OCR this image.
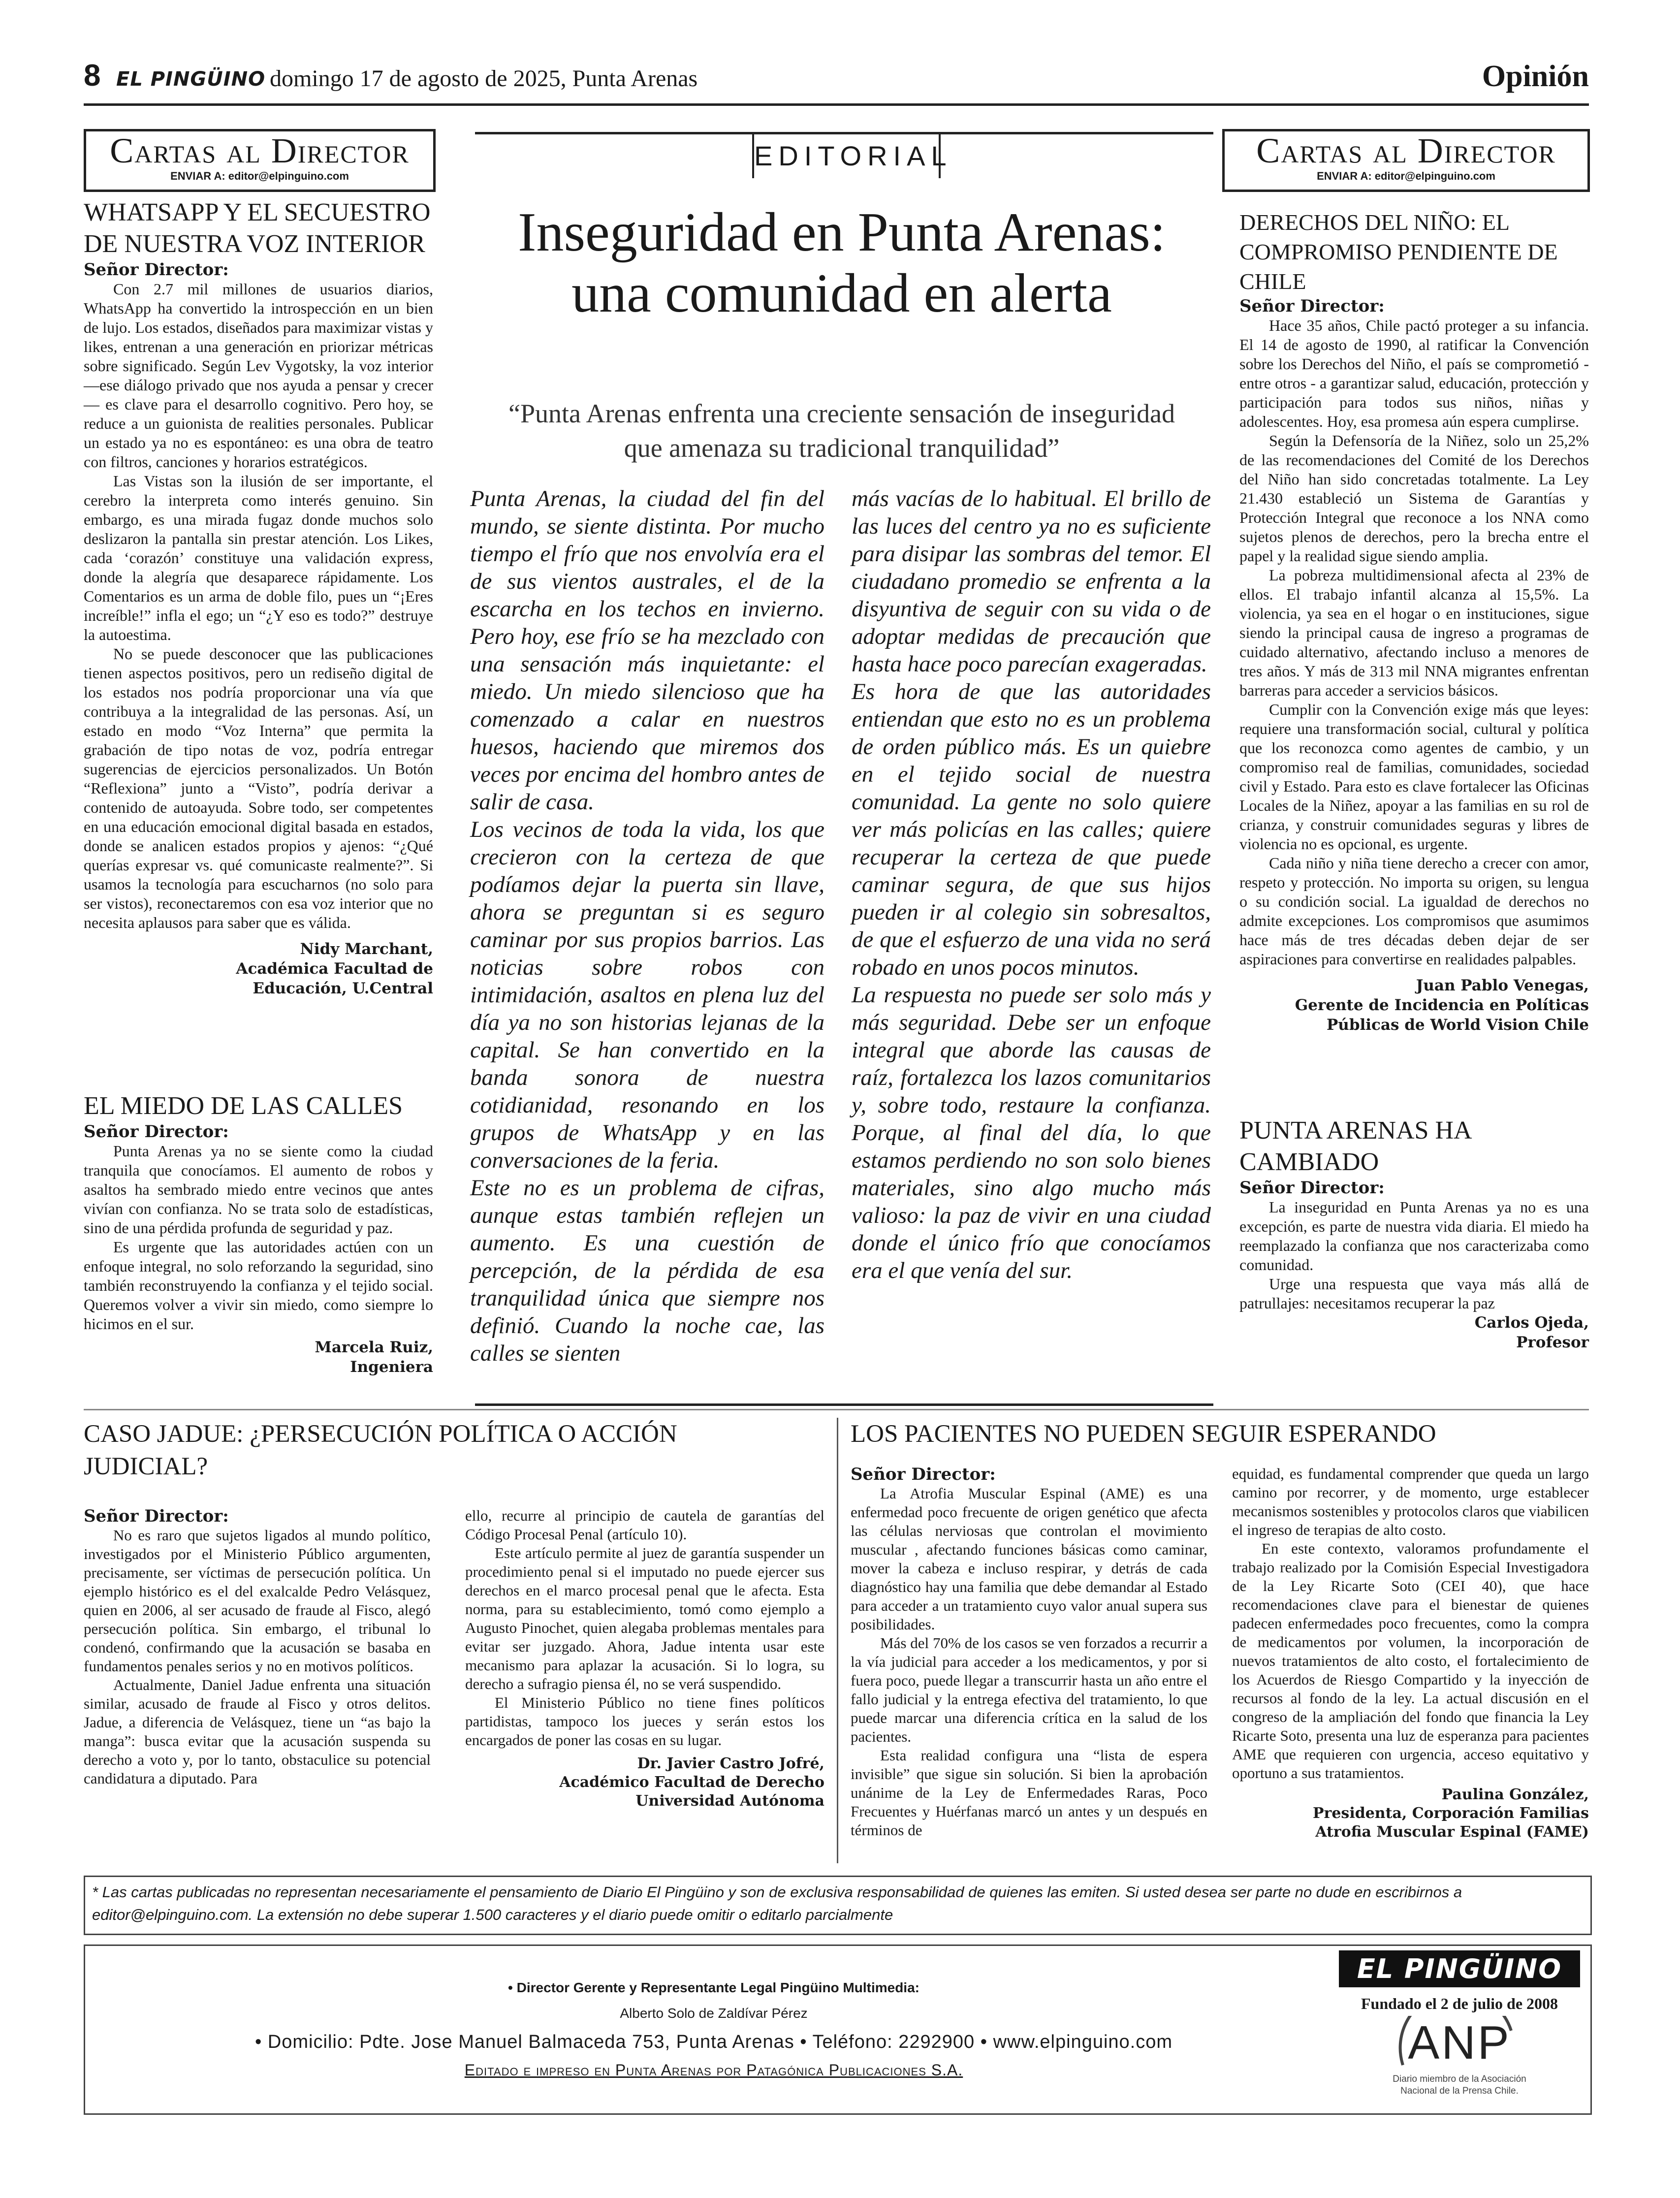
8 EL PINGÜINO domingo 17 de agosto de 2025, Punta Arenas	Opinión
Cartas al Director
ENVIAR A: editor@elpinguino.com
WHATSAPP Y EL SECUESTRO DE NUESTRA VOZ INTERIOR
Señor Director:

Con 2.7 mil millones de usuarios diarios, WhatsApp ha convertido la introspección en un bien de lujo. Los estados, diseñados para maximizar vistas y likes, entrenan a una generación en priorizar métricas sobre significado. Según Lev Vygotsky, la voz interior —ese diálogo privado que nos ayuda a pensar y crecer— es clave para el desarrollo cognitivo. Pero hoy, se reduce a un guionista de realities personales. Publicar un estado ya no es espontáneo: es una obra de teatro con filtros, canciones y horarios estratégicos.

Las Vistas son la ilusión de ser importante, el cerebro la interpreta como interés genuino. Sin embargo, es una mirada fugaz donde muchos solo deslizaron la pantalla sin prestar atención. Los Likes, cada ‘corazón’ constituye una validación express, donde la alegría que desaparece rápidamente. Los Comentarios es un arma de doble filo, pues un “¡Eres increíble!” infla el ego; un “¿Y eso es todo?” destruye la autoestima.

No se puede desconocer que las publicaciones tienen aspectos positivos, pero un rediseño digital de los estados nos podría proporcionar una vía que contribuya a la integralidad de las personas. Así, un estado en modo “Voz Interna” que permita la grabación de tipo notas de voz, podría entregar sugerencias de ejercicios personalizados. Un Botón “Reflexiona” junto a “Visto”, podría derivar a contenido de autoayuda. Sobre todo, ser competentes en una educación emocional digital basada en estados, donde se analicen estados propios y ajenos: “¿Qué querías expresar vs. qué comunicaste realmente?”. Si usamos la tecnología para escucharnos (no solo para ser vistos), reconectaremos con esa voz interior que no necesita aplausos para saber que es válida.

Nidy Marchant,
Académica Facultad de
Educación, U.Central
EL MIEDO DE LAS CALLES
Señor Director:

Punta Arenas ya no se siente como la ciudad tranquila que conocíamos. El aumento de robos y asaltos ha sembrado miedo entre vecinos que antes vivían con confianza. No se trata solo de estadísticas, sino de una pérdida profunda de seguridad y paz.

Es urgente que las autoridades actúen con un enfoque integral, no solo reforzando la seguridad, sino también reconstruyendo la confianza y el tejido social. Queremos volver a vivir sin miedo, como siempre lo hicimos en el sur.

Marcela Ruiz,
Ingeniera
EDITORIAL
Inseguridad en Punta Arenas: una comunidad en alerta
“Punta Arenas enfrenta una creciente sensación de inseguridad que amenaza su tradicional tranquilidad”

Punta Arenas, la ciudad del fin del mundo, se siente distinta. Por mucho tiempo el frío que nos envolvía era el de sus vientos australes, el de la escarcha en los techos en invierno. Pero hoy, ese frío se ha mezclado con una sensación más inquietante: el miedo. Un miedo silencioso que ha comenzado a calar en nuestros huesos, haciendo que miremos dos veces por encima del hombro antes de salir de casa.

Los vecinos de toda la vida, los que crecieron con la certeza de que podíamos dejar la puerta sin llave, ahora se preguntan si es seguro caminar por sus propios barrios. Las noticias sobre robos con intimidación, asaltos en plena luz del día ya no son historias lejanas de la capital. Se han convertido en la banda sonora de nuestra cotidianidad, resonando en los grupos de WhatsApp y en las conversaciones de la feria.

Este no es un problema de cifras, aunque estas también reflejen un aumento. Es una cuestión de percepción, de la pérdida de esa tranquilidad única que siempre nos definió. Cuando la noche cae, las calles se sienten

más vacías de lo habitual. El brillo de las luces del centro ya no es suficiente para disipar las sombras del temor. El ciudadano promedio se enfrenta a la disyuntiva de seguir con su vida o de adoptar medidas de precaución que hasta hace poco parecían exageradas.

Es hora de que las autoridades entiendan que esto no es un problema de orden público más. Es un quiebre en el tejido social de nuestra comunidad. La gente no solo quiere ver más policías en las calles; quiere recuperar la certeza de que puede caminar segura, de que sus hijos pueden ir al colegio sin sobresaltos, de que el esfuerzo de una vida no será robado en unos pocos minutos.

La respuesta no puede ser solo más y más seguridad. Debe ser un enfoque integral que aborde las causas de raíz, fortalezca los lazos comunitarios y, sobre todo, restaure la confianza. Porque, al final del día, lo que estamos perdiendo no son solo bienes materiales, sino algo mucho más valioso: la paz de vivir en una ciudad donde el único frío que conocíamos era el que venía del sur.

Cartas al Director
ENVIAR A: editor@elpinguino.com
DERECHOS DEL NIÑO: EL COMPROMISO PENDIENTE DE CHILE
Señor Director:

Hace 35 años, Chile pactó proteger a su infancia. El 14 de agosto de 1990, al ratificar la Convención sobre los Derechos del Niño, el país se comprometió -entre otros - a garantizar salud, educación, protección y participación para todos sus niños, niñas y adolescentes. Hoy, esa promesa aún espera cumplirse.

Según la Defensoría de la Niñez, solo un 25,2% de las recomendaciones del Comité de los Derechos del Niño han sido concretadas totalmente. La Ley 21.430 estableció un Sistema de Garantías y Protección Integral que reconoce a los NNA como sujetos plenos de derechos, pero la brecha entre el papel y la realidad sigue siendo amplia.

La pobreza multidimensional afecta al 23% de ellos. El trabajo infantil alcanza al 15,5%. La violencia, ya sea en el hogar o en instituciones, sigue siendo la principal causa de ingreso a programas de cuidado alternativo, afectando incluso a menores de tres años. Y más de 313 mil NNA migrantes enfrentan barreras para acceder a servicios básicos.

Cumplir con la Convención exige más que leyes: requiere una transformación social, cultural y política que los reconozca como agentes de cambio, y un compromiso real de familias, comunidades, sociedad civil y Estado. Para esto es clave fortalecer las Oficinas Locales de la Niñez, apoyar a las familias en su rol de crianza, y construir comunidades seguras y libres de violencia no es opcional, es urgente.

Cada niño y niña tiene derecho a crecer con amor, respeto y protección. No importa su origen, su lengua o su condición social. La igualdad de derechos no admite excepciones. Los compromisos que asumimos hace más de tres décadas deben dejar de ser aspiraciones para convertirse en realidades palpables.

Juan Pablo Venegas,
Gerente de Incidencia en Políticas
Públicas de World Vision Chile
PUNTA ARENAS HA CAMBIADO
Señor Director:

La inseguridad en Punta Arenas ya no es una excepción, es parte de nuestra vida diaria. El miedo ha reemplazado la confianza que nos caracterizaba como comunidad.

Urge una respuesta que vaya más allá de patrullajes: necesitamos recuperar la paz

Carlos Ojeda,
Profesor
CASO JADUE: ¿PERSECUCIÓN POLÍTICA O ACCIÓN JUDICIAL?
Señor Director:

No es raro que sujetos ligados al mundo político, investigados por el Ministerio Público argumenten, precisamente, ser víctimas de persecución política. Un ejemplo histórico es el del exalcalde Pedro Velásquez, quien en 2006, al ser acusado de fraude al Fisco, alegó persecución política. Sin embargo, el tribunal lo condenó, confirmando que la acusación se basaba en fundamentos penales serios y no en motivos políticos.

Actualmente, Daniel Jadue enfrenta una situación similar, acusado de fraude al Fisco y otros delitos. Jadue, a diferencia de Velásquez, tiene un “as bajo la manga”: busca evitar que la acusación suspenda su derecho a voto y, por lo tanto, obstaculice su potencial candidatura a diputado. Para

ello, recurre al principio de cautela de garantías del Código Procesal Penal (artículo 10).

Este artículo permite al juez de garantía suspender un procedimiento penal si el imputado no puede ejercer sus derechos en el marco procesal penal que le afecta. Esta norma, para su establecimiento, tomó como ejemplo a Augusto Pinochet, quien alegaba problemas mentales para evitar ser juzgado. Ahora, Jadue intenta usar este mecanismo para aplazar la acusación. Si lo logra, su derecho a sufragio piensa él, no se verá suspendido.

El Ministerio Público no tiene fines políticos partidistas, tampoco los jueces y serán estos los encargados de poner las cosas en su lugar.

Dr. Javier Castro Jofré,
Académico Facultad de Derecho
Universidad Autónoma
LOS PACIENTES NO PUEDEN SEGUIR ESPERANDO
Señor Director:

La Atrofia Muscular Espinal (AME) es una enfermedad poco frecuente de origen genético que afecta las células nerviosas que controlan el movimiento muscular , afectando funciones básicas como caminar, mover la cabeza e incluso respirar, y detrás de cada diagnóstico hay una familia que debe demandar al Estado para acceder a un tratamiento cuyo valor anual supera sus posibilidades.

Más del 70% de los casos se ven forzados a recurrir a la vía judicial para acceder a los medicamentos, y por si fuera poco, puede llegar a transcurrir hasta un año entre el fallo judicial y la entrega efectiva del tratamiento, lo que puede marcar una diferencia crítica en la salud de los pacientes.

Esta realidad configura una “lista de espera invisible” que sigue sin solución. Si bien la aprobación unánime de la Ley de Enfermedades Raras, Poco Frecuentes y Huérfanas marcó un antes y un después en términos de

equidad, es fundamental comprender que queda un largo camino por recorrer, y de momento, urge establecer mecanismos sostenibles y protocolos claros que viabilicen el ingreso de terapias de alto costo.

En este contexto, valoramos profundamente el trabajo realizado por la Comisión Especial Investigadora de la Ley Ricarte Soto (CEI 40), que hace recomendaciones clave para el bienestar de quienes padecen enfermedades poco frecuentes, como la compra de medicamentos por volumen, la incorporación de nuevos tratamientos de alto costo, el fortalecimiento de los Acuerdos de Riesgo Compartido y la inyección de recursos al fondo de la ley. La actual discusión en el congreso de la ampliación del fondo que financia la Ley Ricarte Soto, presenta una luz de esperanza para pacientes AME que requieren con urgencia, acceso equitativo y oportuno a sus tratamientos.

Paulina González,
Presidenta, Corporación Familias
Atrofia Muscular Espinal (FAME)
* Las cartas publicadas no representan necesariamente el pensamiento de Diario El Pingüino y son de exclusiva responsabilidad de quienes las emiten. Si usted desea ser parte no dude en escribirnos a editor@elpinguino.com. La extensión no debe superar 1.500 caracteres y el diario puede omitir o editarlo parcialmente
• Director Gerente y Representante Legal Pingüino Multimedia:
Alberto Solo de Zaldívar Pérez
• Domicilio: Pdte. Jose Manuel Balmaceda 753, Punta Arenas • Teléfono: 2292900 • www.elpinguino.com
Editado e impreso en Punta Arenas por Patagónica Publicaciones S.A.
EL PINGÜINO
Fundado el 2 de julio de 2008
ANP
Diario miembro de la Asociación Nacional de la Prensa Chile.
